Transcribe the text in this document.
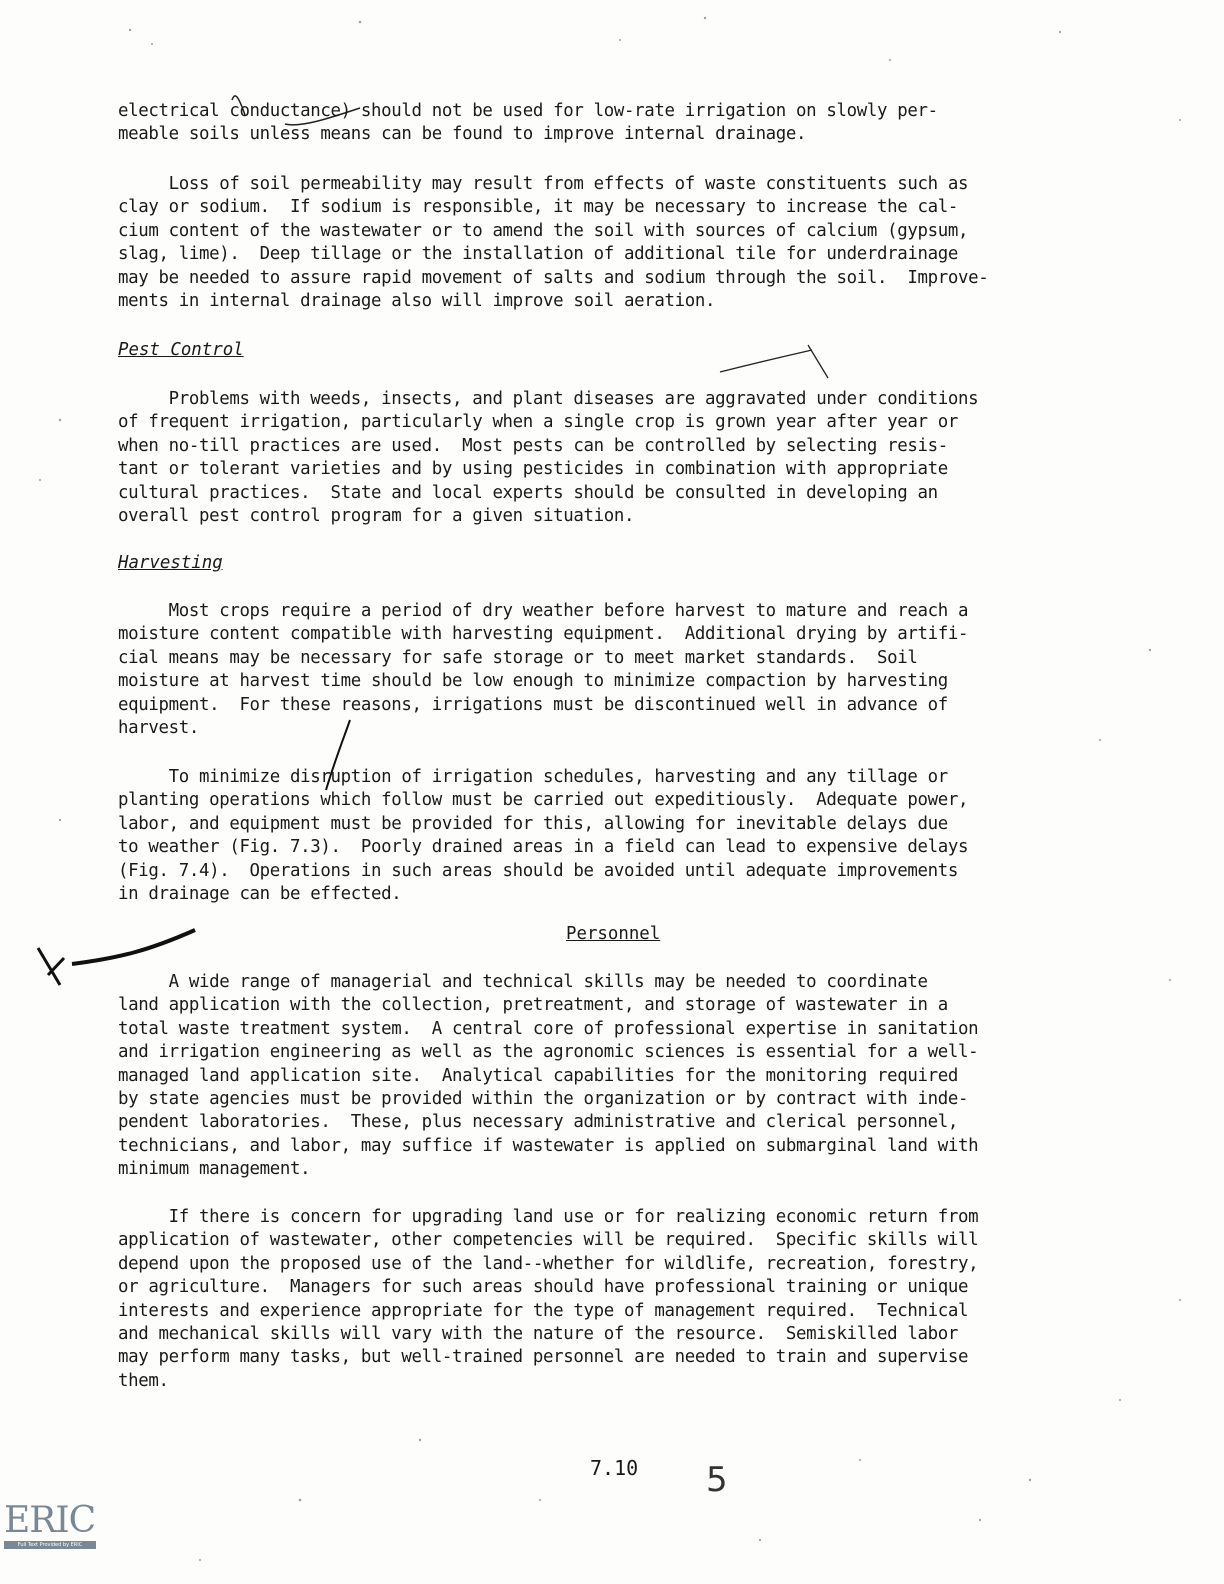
electrical conductance) should not be used for low-rate irrigation on slowly per-
meable soils unless means can be found to improve internal drainage.
Loss of soil permeability may result from effects of waste constituents such as
clay or sodium.  If sodium is responsible, it may be necessary to increase the cal-
cium content of the wastewater or to amend the soil with sources of calcium (gypsum,
slag, lime).  Deep tillage or the installation of additional tile for underdrainage
may be needed to assure rapid movement of salts and sodium through the soil.  Improve-
ments in internal drainage also will improve soil aeration.
Pest Control
Problems with weeds, insects, and plant diseases are aggravated under conditions
of frequent irrigation, particularly when a single crop is grown year after year or
when no-till practices are used.  Most pests can be controlled by selecting resis-
tant or tolerant varieties and by using pesticides in combination with appropriate
cultural practices.  State and local experts should be consulted in developing an
overall pest control program for a given situation.
Harvesting
Most crops require a period of dry weather before harvest to mature and reach a
moisture content compatible with harvesting equipment.  Additional drying by artifi-
cial means may be necessary for safe storage or to meet market standards.  Soil
moisture at harvest time should be low enough to minimize compaction by harvesting
equipment.  For these reasons, irrigations must be discontinued well in advance of
harvest.
To minimize disruption of irrigation schedules, harvesting and any tillage or
planting operations which follow must be carried out expeditiously.  Adequate power,
labor, and equipment must be provided for this, allowing for inevitable delays due
to weather (Fig. 7.3).  Poorly drained areas in a field can lead to expensive delays
(Fig. 7.4).  Operations in such areas should be avoided until adequate improvements
in drainage can be effected.
Personnel
A wide range of managerial and technical skills may be needed to coordinate
land application with the collection, pretreatment, and storage of wastewater in a
total waste treatment system.  A central core of professional expertise in sanitation
and irrigation engineering as well as the agronomic sciences is essential for a well-
managed land application site.  Analytical capabilities for the monitoring required
by state agencies must be provided within the organization or by contract with inde-
pendent laboratories.  These, plus necessary administrative and clerical personnel,
technicians, and labor, may suffice if wastewater is applied on submarginal land with
minimum management.
If there is concern for upgrading land use or for realizing economic return from
application of wastewater, other competencies will be required.  Specific skills will
depend upon the proposed use of the land--whether for wildlife, recreation, forestry,
or agriculture.  Managers for such areas should have professional training or unique
interests and experience appropriate for the type of management required.  Technical
and mechanical skills will vary with the nature of the resource.  Semiskilled labor
may perform many tasks, but well-trained personnel are needed to train and supervise
them.
7.10 5
ERIC
Full Text Provided by ERIC
